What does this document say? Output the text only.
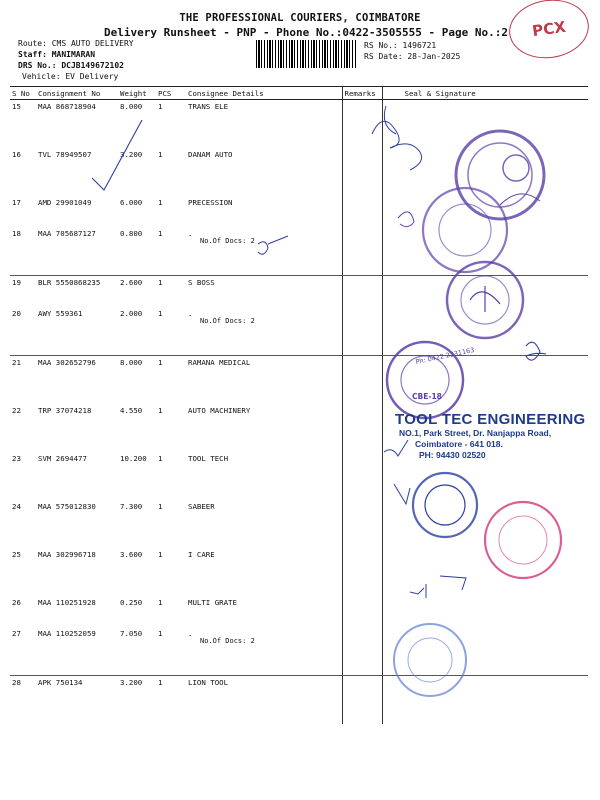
THE PROFESSIONAL COURIERS, COIMBATORE
Delivery Runsheet - PNP - Phone No.:0422-3505555 - Page No.:2	PCX
Route: CMS AUTO DELIVERY
Staff: MANIMARAN
DRS No.: DCJB149672102
Vehicle: EV Delivery
RS No.: 1496721
RS Date: 28-Jan-2025
S No	Consignment No	Weight	PCS	Consignee Details	Remarks	Seal & Signature
15	MAA 868718904	8.000	1	TRANS ELE		
16	TVL 78949507	3.200	1	DANAM AUTO		
17	AMD 29901049	6.000	1	PRECESSION		
18	MAA 705687127	0.800	1	.
No.Of Docs: 2		

19	BLR 5550868235	2.600	1	S BOSS		
20	AWY 559361	2.000	1	.
No.Of Docs: 2		

21	MAA 302652796	8.000	1	RAMANA MEDICAL		
22	TRP 37074218	4.550	1	AUTO MACHINERY		
23	SVM 2694477	10.200	1	TOOL TECH		
24	MAA 575012830	7.300	1	SABEER		
25	MAA 302996718	3.600	1	I CARE		
26	MAA 110251928	0.250	1	MULTI GRATE		
27	MAA 110252059	7.050	1	.
No.Of Docs: 2		

28	APK 750134	3.200	1	LION TOOL		
Ph: 0422 2231163
CBE-18
TOOL TEC ENGINEERING
NO.1, Park Street, Dr. Nanjappa Road,
Coimbatore - 641 018.
PH: 94430 02520
